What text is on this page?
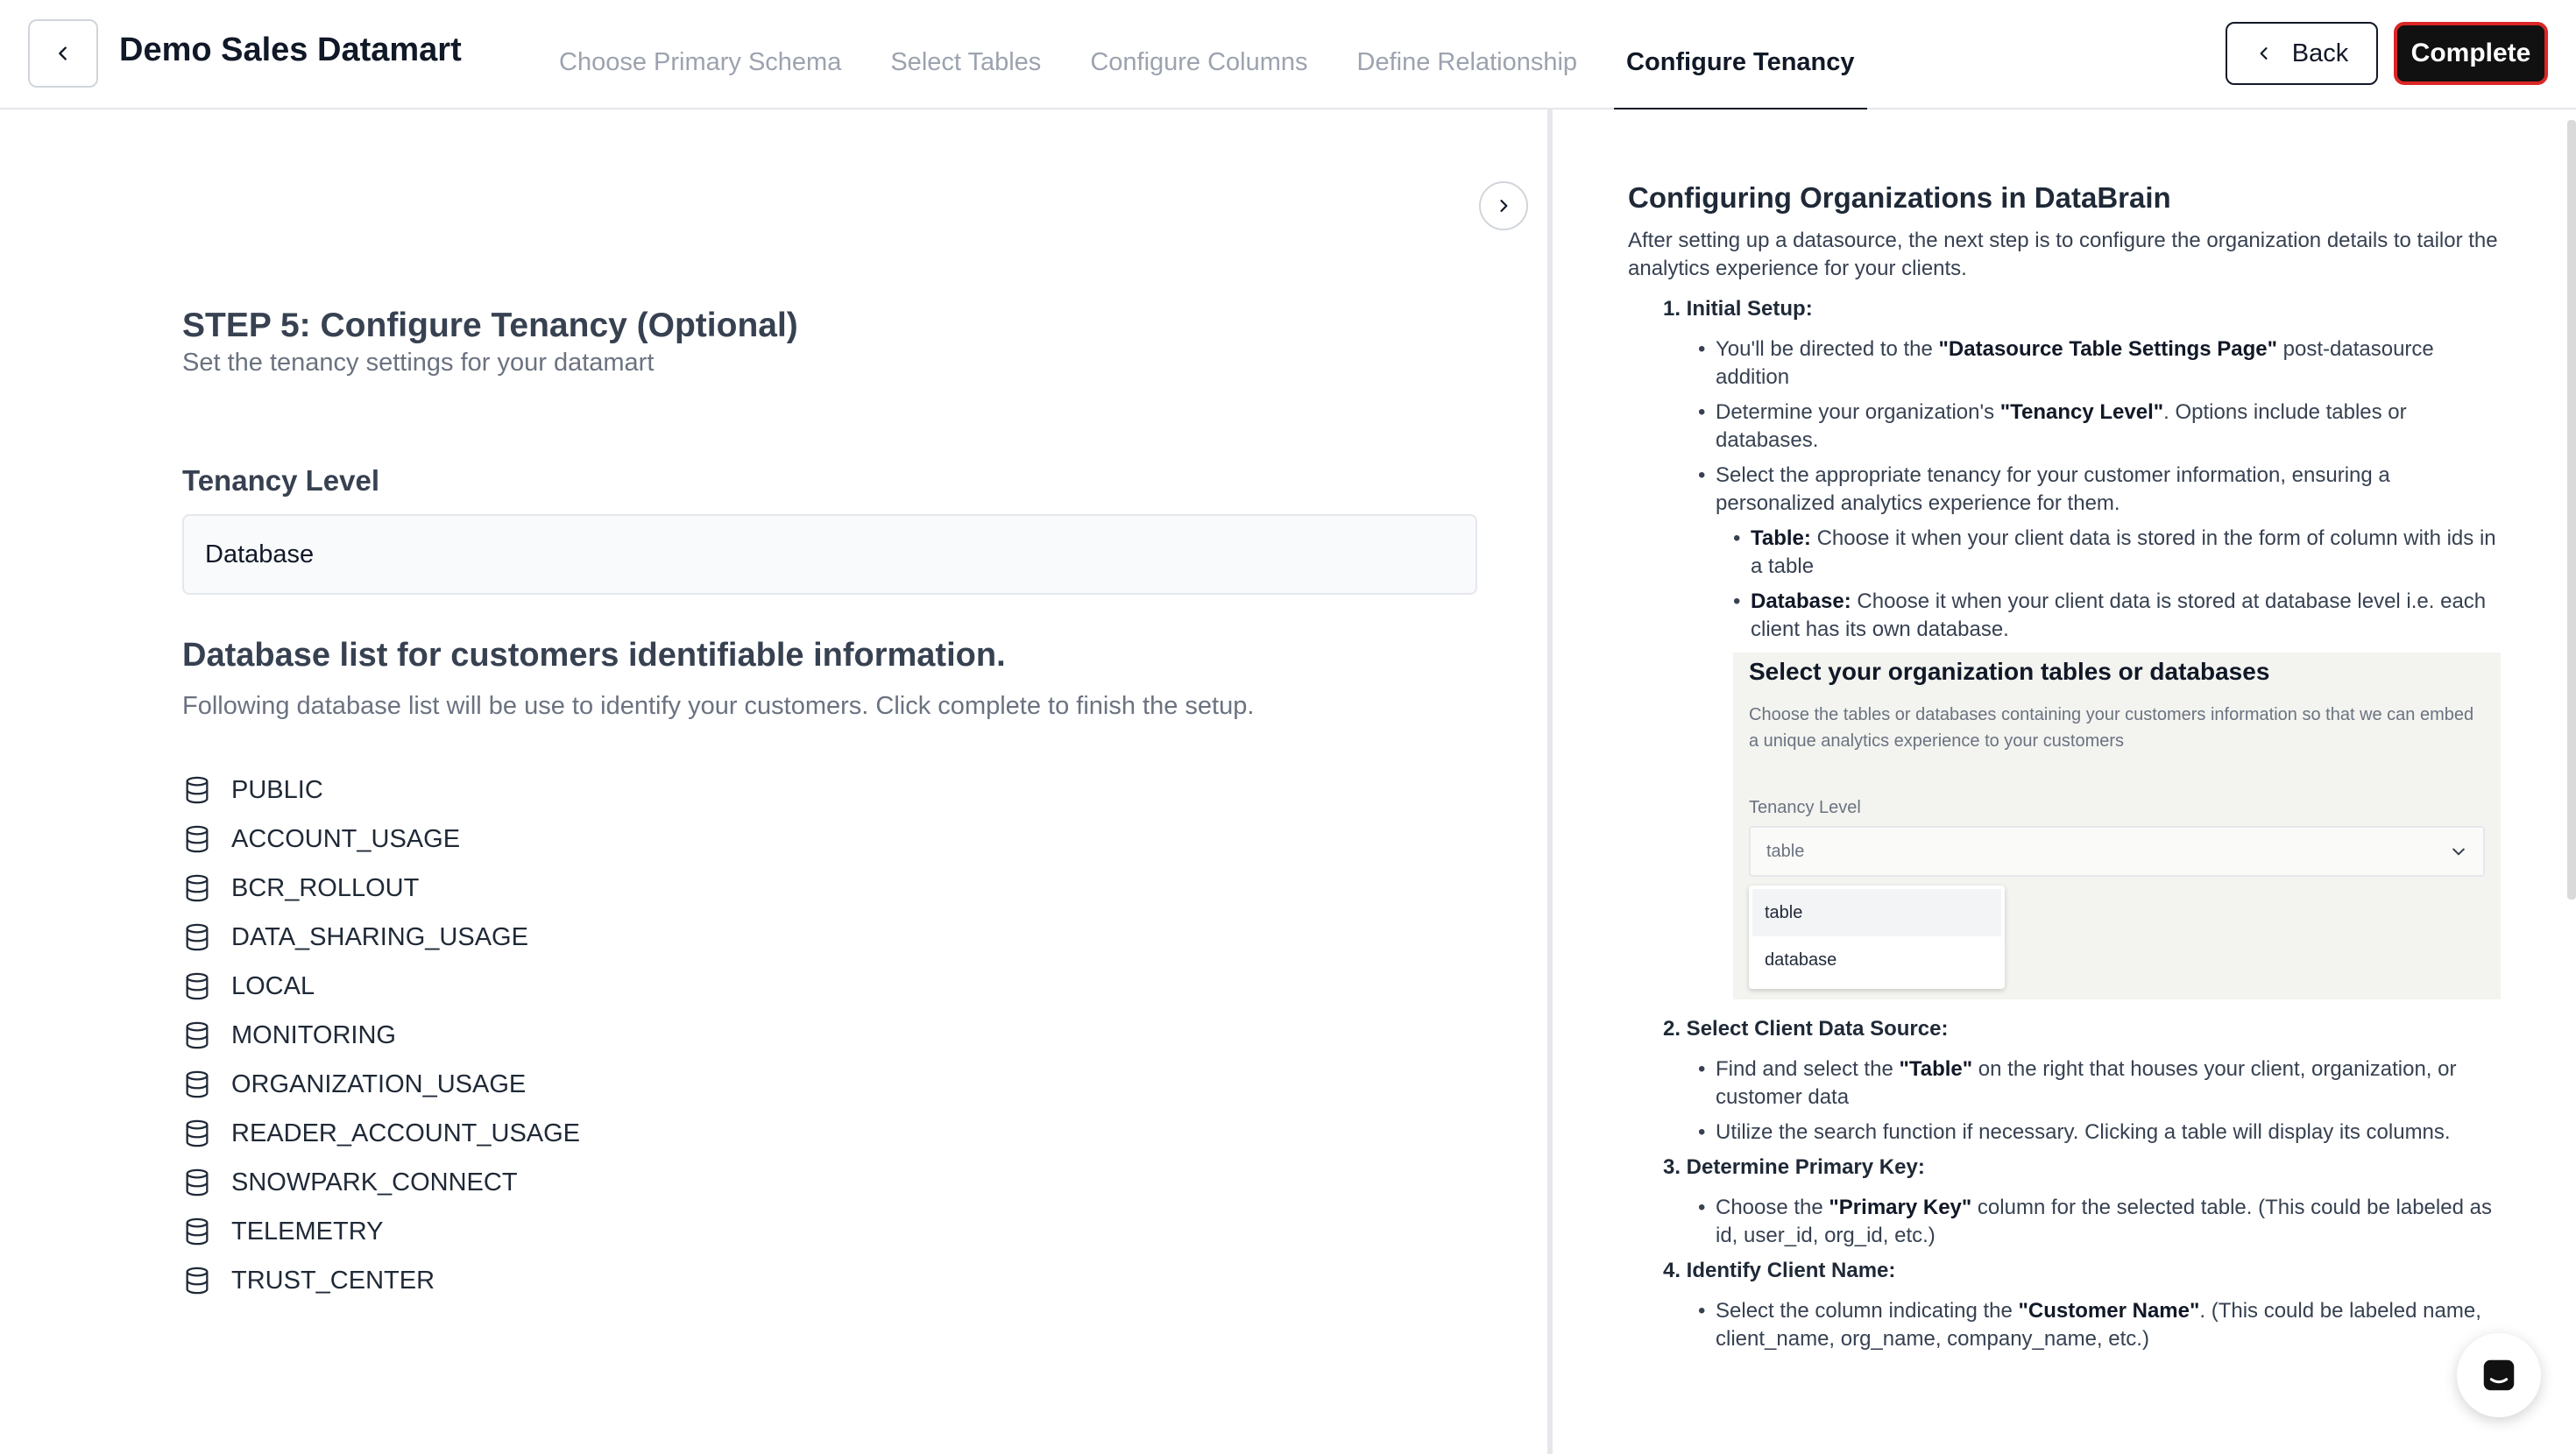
Demo Sales Datamart	Choose Primary Schema	Select Tables	Configure Columns	Define Relationship	Configure Tenancy	Back	Complete
STEP 5: Configure Tenancy (Optional)
Set the tenancy settings for your datamart
Tenancy Level
Database
Database list for customers identifiable information.
Following database list will be use to identify your customers. Click complete to finish the setup.
PUBLIC
ACCOUNT_USAGE
BCR_ROLLOUT
DATA_SHARING_USAGE
LOCAL
MONITORING
ORGANIZATION_USAGE
READER_ACCOUNT_USAGE
SNOWPARK_CONNECT
TELEMETRY
TRUST_CENTER
Configuring Organizations in DataBrain
After setting up a datasource, the next step is to configure the organization details to tailor the analytics experience for your clients.
1. Initial Setup:
• You'll be directed to the "Datasource Table Settings Page" post-datasource addition
• Determine your organization's "Tenancy Level". Options include tables or databases.
• Select the appropriate tenancy for your customer information, ensuring a personalized analytics experience for them.
• Table: Choose it when your client data is stored in the form of column with ids in a table
• Database: Choose it when your client data is stored at database level i.e. each client has its own database.
Select your organization tables or databases
Choose the tables or databases containing your customers information so that we can embed a unique analytics experience to your customers
Tenancy Level
table
table
database
2. Select Client Data Source:
• Find and select the "Table" on the right that houses your client, organization, or customer data
• Utilize the search function if necessary. Clicking a table will display its columns.
3. Determine Primary Key:
• Choose the "Primary Key" column for the selected table. (This could be labeled as id, user_id, org_id, etc.)
4. Identify Client Name:
• Select the column indicating the "Customer Name". (This could be labeled name, client_name, org_name, company_name, etc.)
